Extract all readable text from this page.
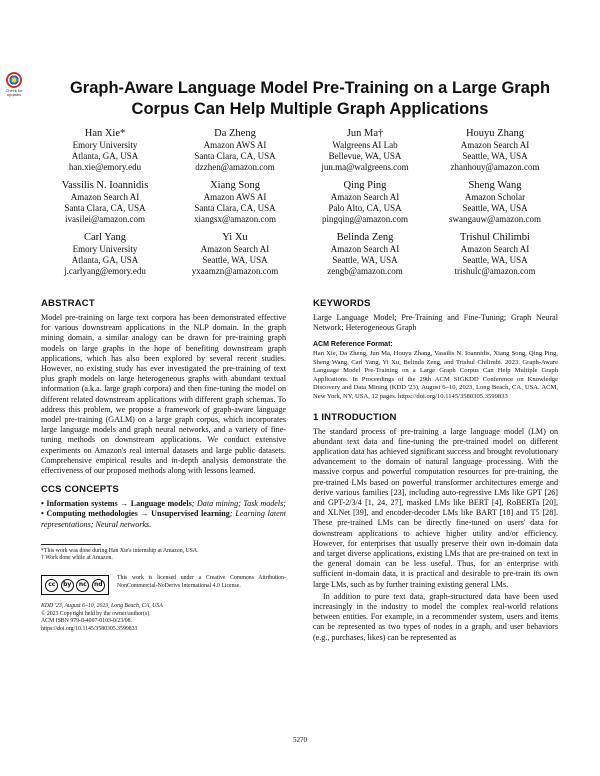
Check for updates	Graph-Aware Language Model Pre-Training on a Large Graph Corpus Can Help Multiple Graph Applications
Han Xie*
Emory University
Atlanta, GA, USA
han.xie@emory.edu
Da Zheng
Amazon AWS AI
Santa Clara, CA, USA
dzzhen@amazon.com
Jun Ma†
Walgreens AI Lab
Bellevue, WA, USA
jun.ma@walgreens.com
Houyu Zhang
Amazon Search AI
Seattle, WA, USA
zhanhouy@amazon.com
Vassilis N. Ioannidis
Amazon Search AI
Santa Clara, CA, USA
ivasilei@amazon.com
Xiang Song
Amazon AWS AI
Santa Clara, CA, USA
xiangsx@amazon.com
Qing Ping
Amazon Search AI
Palo Alto, CA, USA
pingqing@amazon.com
Sheng Wang
Amazon Scholar
Seattle, WA, USA
swangauw@amazon.com
Carl Yang
Emory University
Atlanta, GA, USA
j.carlyang@emory.edu
Yi Xu
Amazon Search AI
Seattle, WA, USA
yxaamzn@amazon.com
Belinda Zeng
Amazon Search AI
Seattle, WA, USA
zengb@amazon.com
Trishul Chilimbi
Amazon Search AI
Seattle, WA, USA
trishulc@amazon.com
ABSTRACT
Model pre-training on large text corpora has been demonstrated effective for various downstream applications in the NLP domain. In the graph mining domain, a similar analogy can be drawn for pre-training graph models on large graphs in the hope of benefiting downstream graph applications, which has also been explored by several recent studies. However, no existing study has ever investigated the pre-training of text plus graph models on large heterogeneous graphs with abundant textual information (a.k.a. large graph corpora) and then fine-tuning the model on different related downstream applications with different graph schemas. To address this problem, we propose a framework of graph-aware language model pre-training (GALM) on a large graph corpus, which incorporates large language models and graph neural networks, and a variety of fine-tuning methods on downstream applications. We conduct extensive experiments on Amazon's real internal datasets and large public datasets. Comprehensive empirical results and in-depth analysis demonstrate the effectiveness of our proposed methods along with lessons learned.
CCS CONCEPTS
• Information systems → Language models; Data mining; Task models; • Computing methodologies → Unsupervised learning; Learning latent representations; Neural networks.
*This work was done during Han Xie's internship at Amazon, USA.
† Work done while at Amazon.
cc	by	nc	nd
This work is licensed under a Creative Commons Attribution-NonCommercial-NoDerivs International 4.0 License.
KDD '23, August 6–10, 2023, Long Beach, CA, USA
© 2023 Copyright held by the owner/author(s).
ACM ISBN 979-8-4007-0103-0/23/08.
https://doi.org/10.1145/3580305.3599833
KEYWORDS
Large Language Model; Pre-Training and Fine-Tuning; Graph Neural Network; Heterogeneous Graph
ACM Reference Format:
Han Xie, Da Zheng, Jun Ma, Houyu Zhang, Vassilis N. Ioannidis, Xiang Song, Qing Ping, Sheng Wang, Carl Yang, Yi Xu, Belinda Zeng, and Trishul Chilimbi. 2023. Graph-Aware Language Model Pre-Training on a Large Graph Corpus Can Help Multiple Graph Applications. In Proceedings of the 29th ACM SIGKDD Conference on Knowledge Discovery and Data Mining (KDD '23), August 6–10, 2023, Long Beach, CA, USA. ACM, New York, NY, USA, 12 pages. https://doi.org/10.1145/3580305.3599833
1 INTRODUCTION
The standard process of pre-training a large language model (LM) on abundant text data and fine-tuning the pre-trained model on different application data has achieved significant success and brought revolutionary advancement to the domain of natural language processing. With the massive corpus and powerful computation resources for pre-training, the pre-trained LMs based on powerful transformer architectures emerge and derive various families [23], including auto-regressive LMs like GPT [26] and GPT-2/3/4 [1, 24, 27], masked LMs like BERT [4], RoBERTa [20], and XLNet [39], and encoder-decoder LMs like BART [18] and T5 [28]. These pre-trained LMs can be directly fine-tuned on users' data for downstream applications to achieve higher utility and/or efficiency. However, for enterprises that usually preserve their own in-domain data and target diverse applications, existing LMs that are pre-trained on text in the general domain can be less useful. Thus, for an enterprise with sufficient in-domain data, it is practical and desirable to pre-train its own large LMs, such as by further training existing general LMs.
In addition to pure text data, graph-structured data have been used increasingly in the industry to model the complex real-world relations between entities. For example, in a recommender system, users and items can be represented as two types of nodes in a graph, and user behaviors (e.g., purchases, likes) can be represented as
5270
